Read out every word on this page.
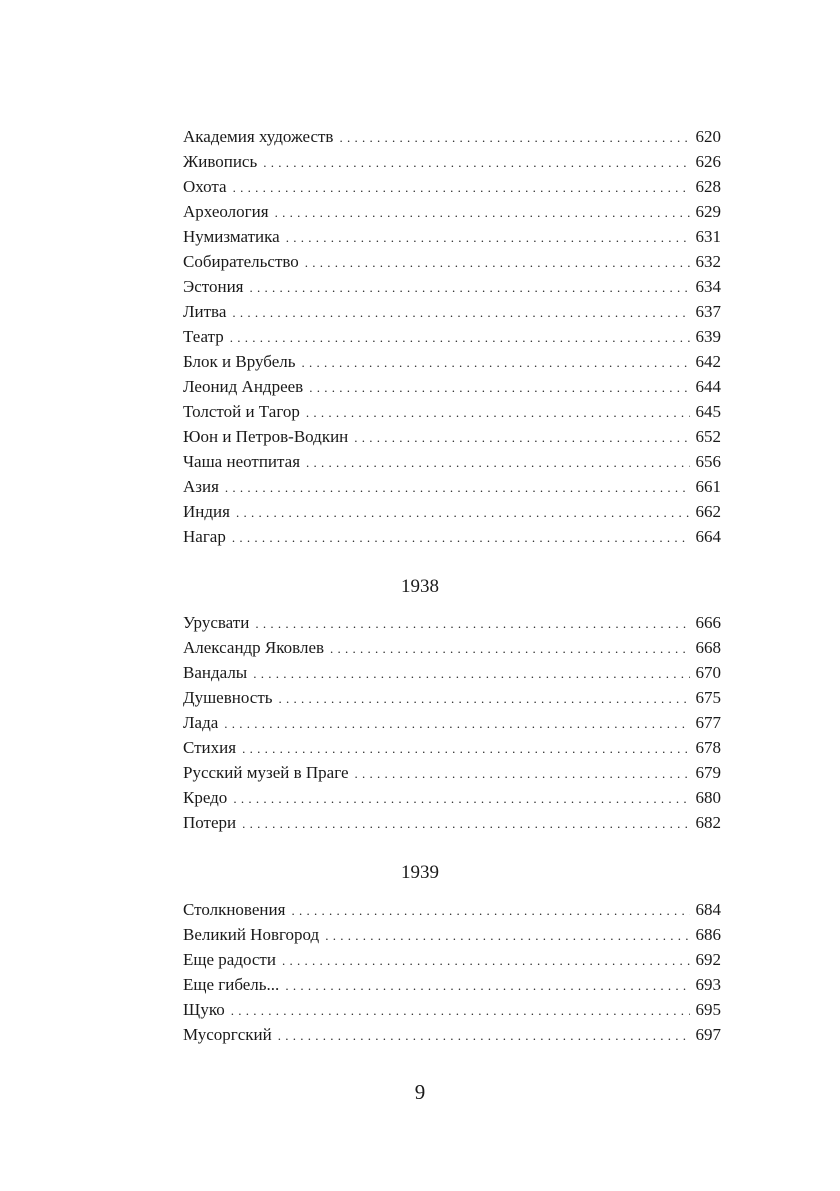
Академия художеств . . .	620
Живопись . . .	626
Охота . . .	628
Археология . . .	629
Нумизматика . . .	631
Собирательство . . .	632
Эстония . . .	634
Литва . . .	637
Театр . . .	639
Блок и Врубель . . .	642
Леонид Андреев . . .	644
Толстой и Тагор . . .	645
Юон и Петров-Водкин . . .	652
Чаша неотпитая . . .	656
Азия . . .	661
Индия . . .	662
Нагар . . .	664
1938
Урусвати . . .	666
Александр Яковлев . . .	668
Вандалы . . .	670
Душевность . . .	675
Лада . . .	677
Стихия . . .	678
Русский музей в Праге . . .	679
Кредо . . .	680
Потери . . .	682
1939
Столкновения . . .	684
Великий Новгород . . .	686
Еще радости . . .	692
Еще гибель... . . .	693
Щуко . . .	695
Мусоргский . . .	697
9
